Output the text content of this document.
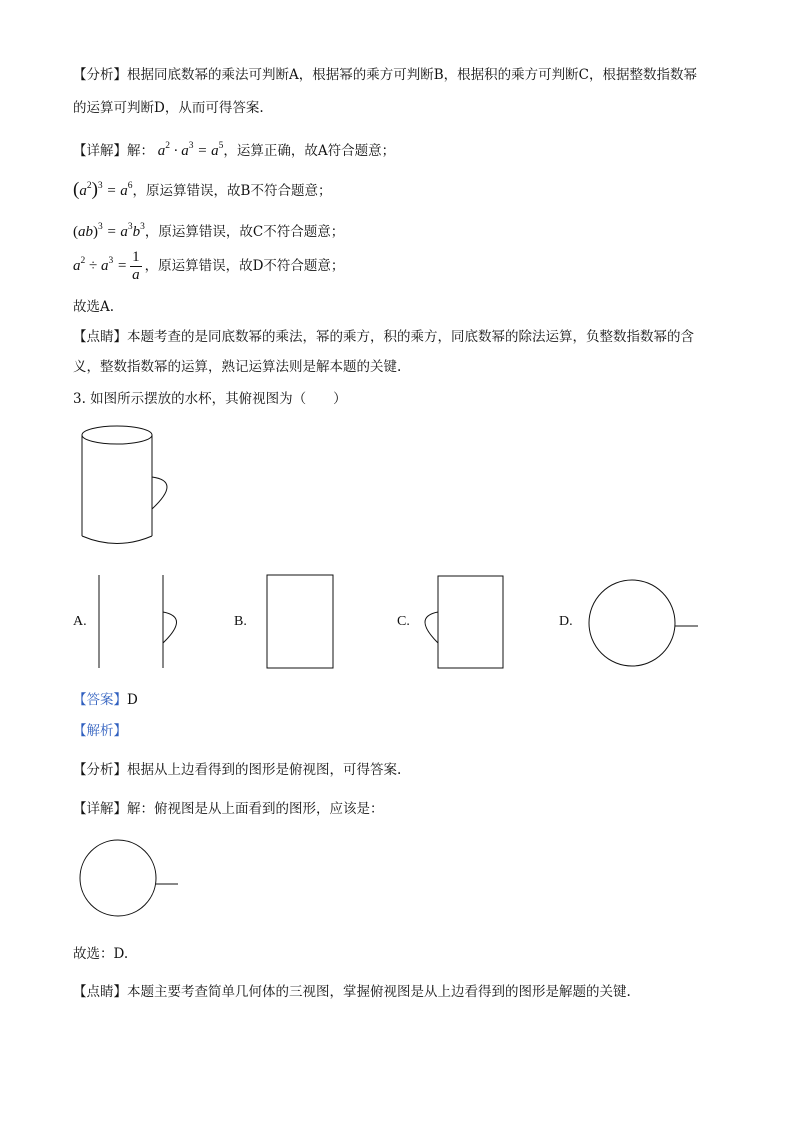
【分析】根据同底数幂的乘法可判断A，根据幂的乘方可判断B，根据积的乘方可判断C，根据整数指数幂
的运算可判断D，从而可得答案.
【详解】解： $a^2 \cdot a^3 = a^5$，运算正确，故A符合题意；
$(a^2)^3 = a^6$，原运算错误，故B不符合题意；
$(ab)^3 = a^3b^3$，原运算错误，故C不符合题意；
$a^2 \div a^3 = \frac{1}{a}$ ，原运算错误，故D不符合题意；
故选A.
【点睛】本题考查的是同底数幂的乘法，幂的乘方，积的乘方，同底数幂的除法运算，负整数指数幂的含
义，整数指数幂的运算，熟记运算法则是解本题的关键.
3. 如图所示摆放的水杯，其俯视图为（　　）
A.	B.	C.	D.
【答案】D
【解析】
【分析】根据从上边看得到的图形是俯视图，可得答案.
【详解】解：俯视图是从上面看到的图形，应该是：
故选：D.
【点睛】本题主要考查简单几何体的三视图，掌握俯视图是从上边看得到的图形是解题的关键.
